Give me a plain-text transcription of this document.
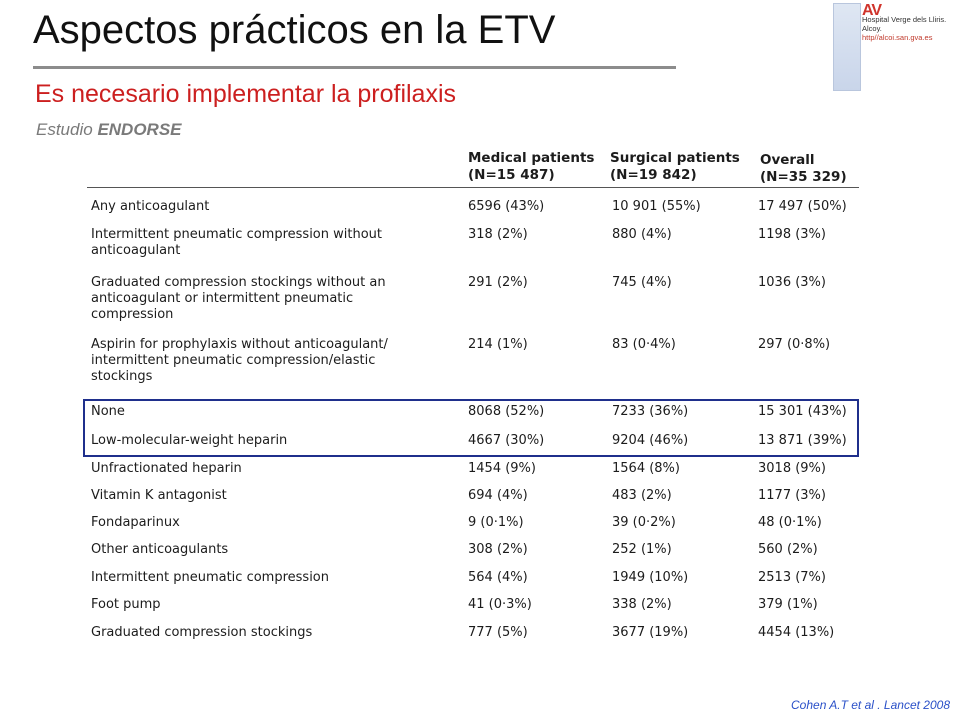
Aspectos prácticos en la ETV
Es necesario implementar la profilaxis
Estudio ENDORSE
AV
Hospital Verge dels Lliris.
Alcoy.
http//alcoi.san.gva.es
Medical patients
(N=15 487)
Surgical patients
(N=19 842)
Overall
(N=35 329)
Any anticoagulant	6596 (43%)	10 901 (55%)	17 497 (50%)
Intermittent pneumatic compression without anticoagulant
318 (2%)	880 (4%)	1198 (3%)
Graduated compression stockings without an anticoagulant or intermittent pneumatic compression
291 (2%)	745 (4%)	1036 (3%)
Aspirin for prophylaxis without anticoagulant/ intermittent pneumatic compression/elastic stockings
214 (1%)	83 (0·4%)	297 (0·8%)
None	8068 (52%)	7233 (36%)	15 301 (43%)
Low-molecular-weight heparin	4667 (30%)	9204 (46%)	13 871 (39%)
Unfractionated heparin	1454 (9%)	1564 (8%)	3018 (9%)
Vitamin K antagonist	694 (4%)	483 (2%)	1177 (3%)
Fondaparinux	9 (0·1%)	39 (0·2%)	48 (0·1%)
Other anticoagulants	308 (2%)	252 (1%)	560 (2%)
Intermittent pneumatic compression	564 (4%)	1949 (10%)	2513 (7%)
Foot pump	41 (0·3%)	338 (2%)	379 (1%)
Graduated compression stockings	777 (5%)	3677 (19%)	4454 (13%)
Cohen A.T et al . Lancet 2008
